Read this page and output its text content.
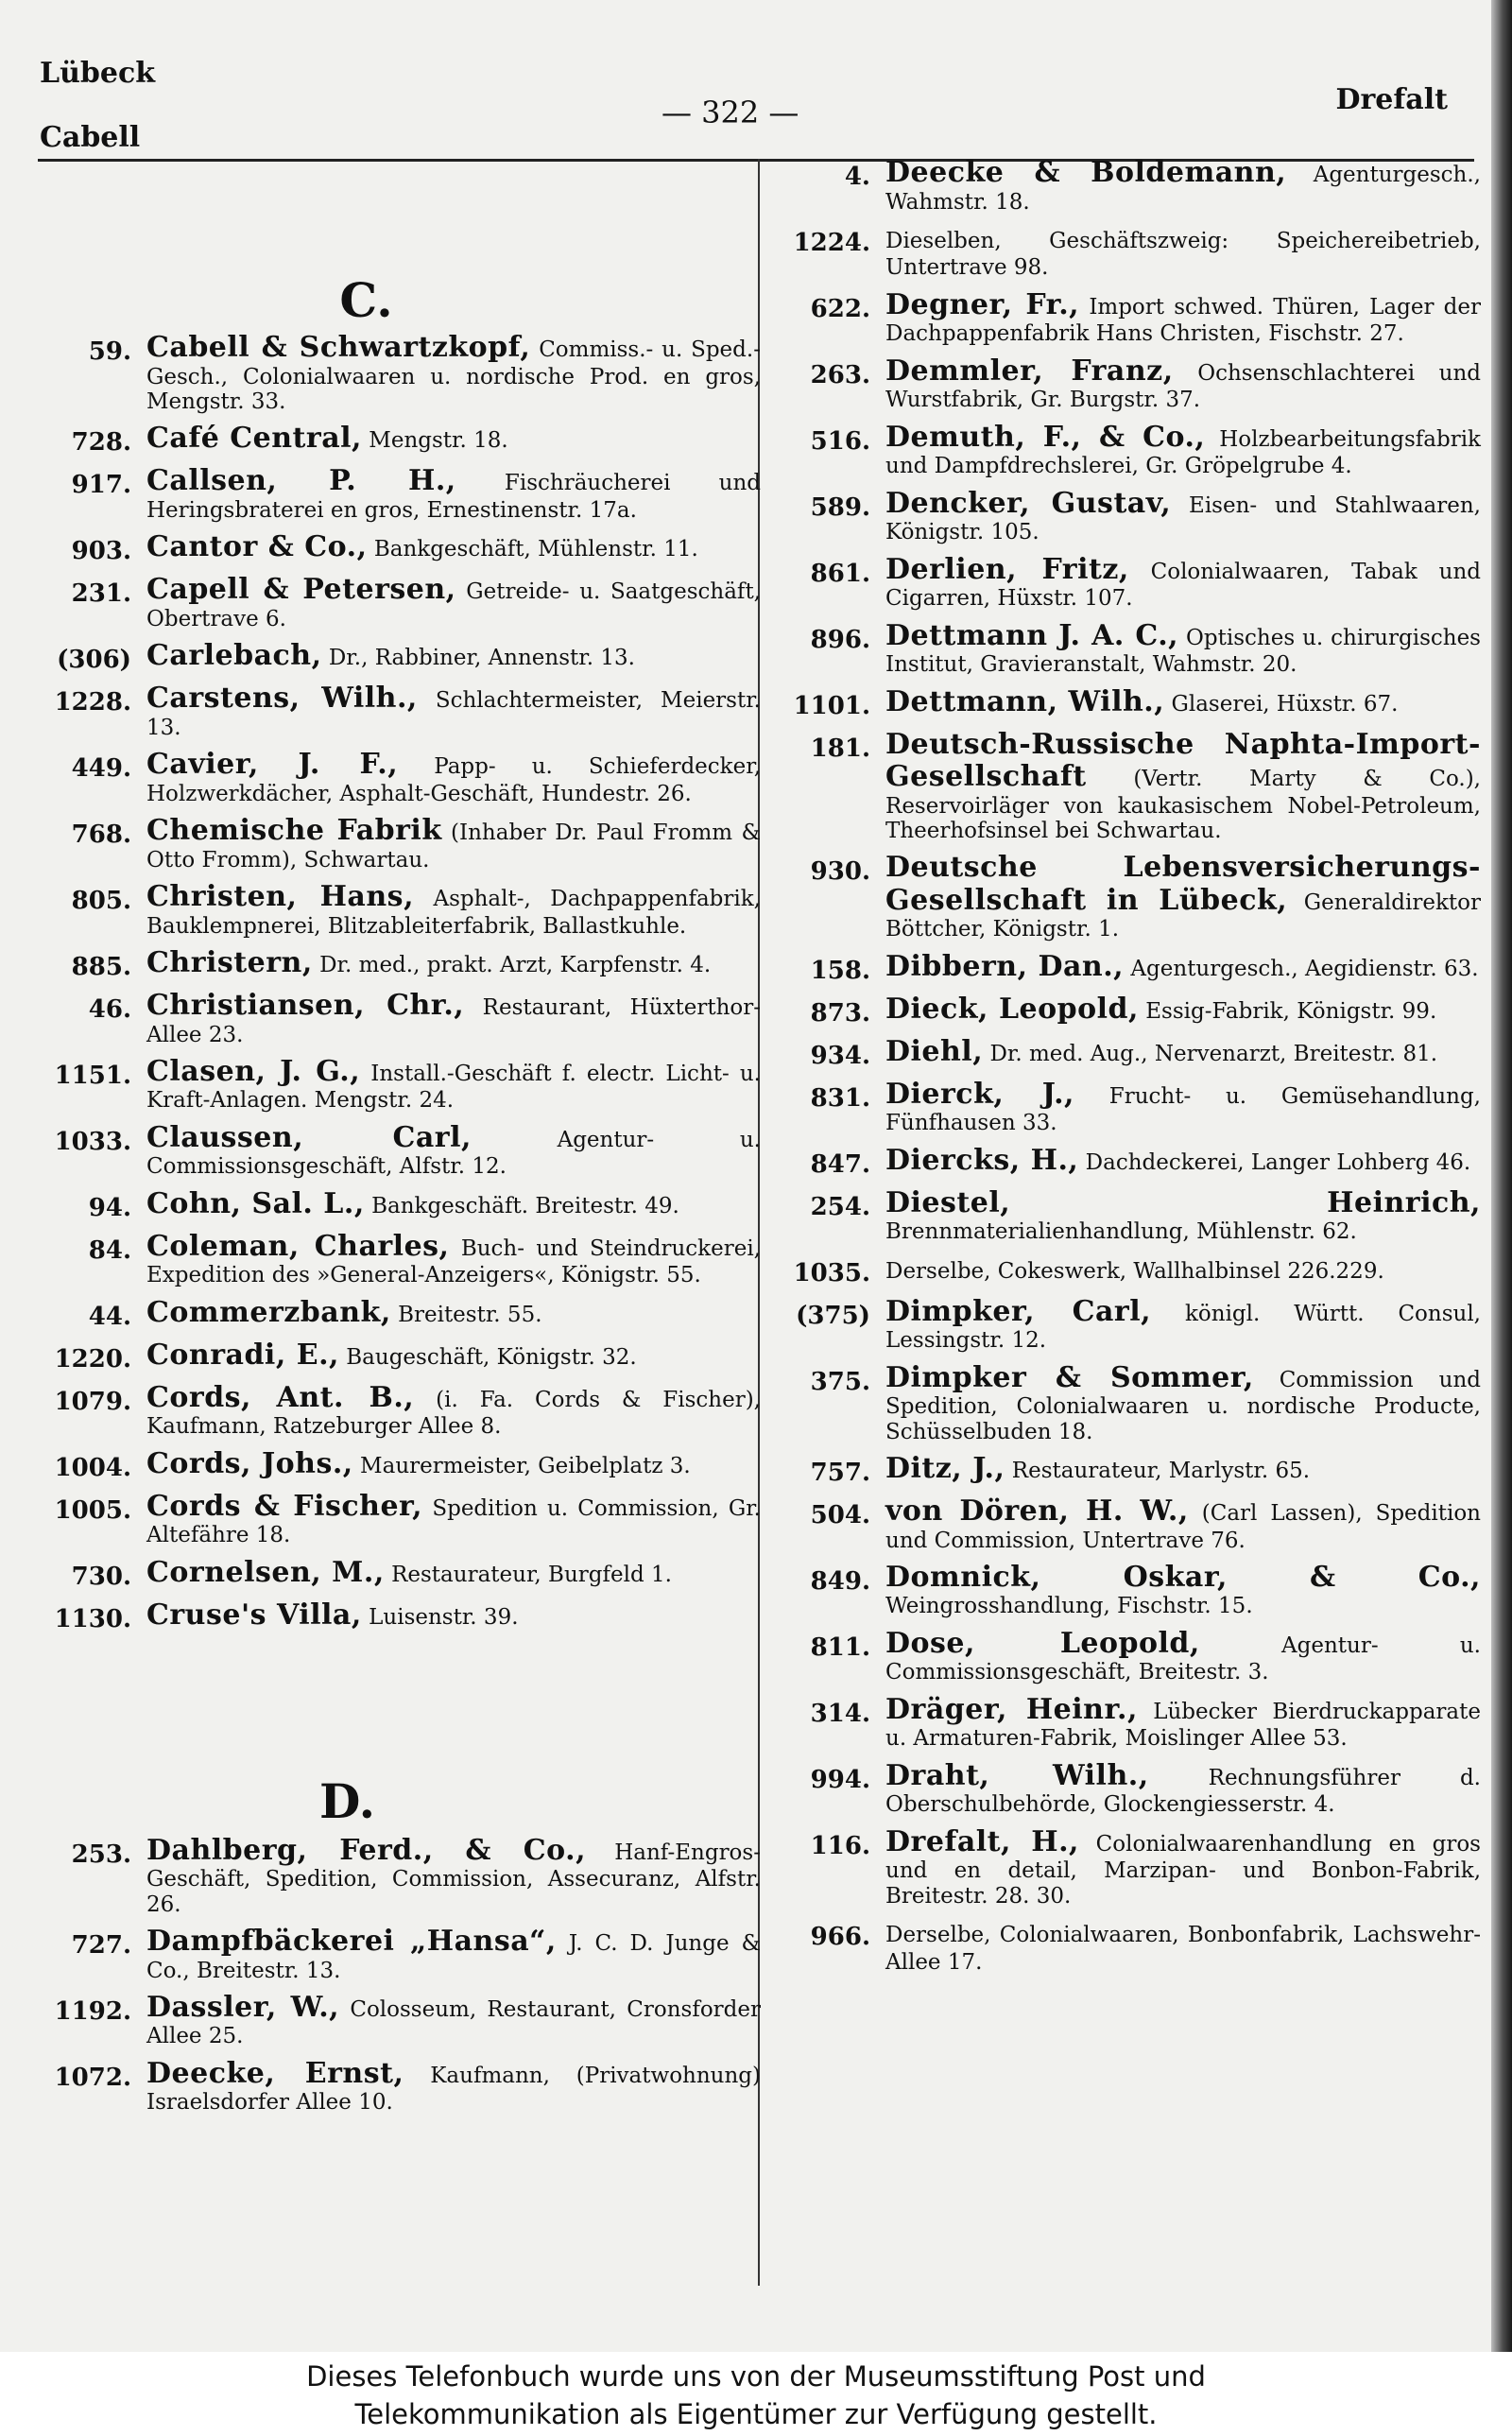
Lübeck
Cabell
— 322 —	Drefalt
C.
59. Cabell & Schwartzkopf, Commiss.- u. Sped.-Gesch., Colonialwaaren u. nordische Prod. en gros, Mengstr. 33.
728. Café Central, Mengstr. 18.
917. Callsen, P. H., Fischräucherei und Heringsbraterei en gros, Ernestinenstr. 17a.
903. Cantor & Co., Bankgeschäft, Mühlenstr. 11.
231. Capell & Petersen, Getreide- u. Saatgeschäft, Obertrave 6.
(306) Carlebach, Dr., Rabbiner, Annenstr. 13.
1228. Carstens, Wilh., Schlachtermeister, Meierstr. 13.
449. Cavier, J. F., Papp- u. Schieferdecker, Holzwerkdächer, Asphalt-Geschäft, Hundestr. 26.
768. Chemische Fabrik (Inhaber Dr. Paul Fromm & Otto Fromm), Schwartau.
805. Christen, Hans, Asphalt-, Dachpappenfabrik, Bauklempnerei, Blitzableiterfabrik, Ballastkuhle.
885. Christern, Dr. med., prakt. Arzt, Karpfenstr. 4.
46. Christiansen, Chr., Restaurant, Hüxterthor-Allee 23.
1151. Clasen, J. G., Install.-Geschäft f. electr. Licht- u. Kraft-Anlagen. Mengstr. 24.
1033. Claussen, Carl, Agentur- u. Commissionsgeschäft, Alfstr. 12.
94. Cohn, Sal. L., Bankgeschäft. Breitestr. 49.
84. Coleman, Charles, Buch- und Steindruckerei, Expedition des »General-Anzeigers«, Königstr. 55.
44. Commerzbank, Breitestr. 55.
1220. Conradi, E., Baugeschäft, Königstr. 32.
1079. Cords, Ant. B., (i. Fa. Cords & Fischer), Kaufmann, Ratzeburger Allee 8.
1004. Cords, Johs., Maurermeister, Geibelplatz 3.
1005. Cords & Fischer, Spedition u. Commission, Gr. Altefähre 18.
730. Cornelsen, M., Restaurateur, Burgfeld 1.
1130. Cruse's Villa, Luisenstr. 39.
D.
253. Dahlberg, Ferd., & Co., Hanf-Engros-Geschäft, Spedition, Commission, Assecuranz, Alfstr. 26.
727. Dampfbäckerei „Hansa“, J. C. D. Junge & Co., Breitestr. 13.
1192. Dassler, W., Colosseum, Restaurant, Cronsforder Allee 25.
1072. Deecke, Ernst, Kaufmann, (Privatwohnung) Israelsdorfer Allee 10.
4. Deecke & Boldemann, Agenturgesch., Wahmstr. 18.
1224. Dieselben, Geschäftszweig: Speichereibetrieb, Untertrave 98.
622. Degner, Fr., Import schwed. Thüren, Lager der Dachpappenfabrik Hans Christen, Fischstr. 27.
263. Demmler, Franz, Ochsenschlachterei und Wurstfabrik, Gr. Burgstr. 37.
516. Demuth, F., & Co., Holzbearbeitungsfabrik und Dampfdrechslerei, Gr. Gröpelgrube 4.
589. Dencker, Gustav, Eisen- und Stahlwaaren, Königstr. 105.
861. Derlien, Fritz, Colonialwaaren, Tabak und Cigarren, Hüxstr. 107.
896. Dettmann J. A. C., Optisches u. chirurgisches Institut, Gravieranstalt, Wahmstr. 20.
1101. Dettmann, Wilh., Glaserei, Hüxstr. 67.
181. Deutsch-Russische Naphta-Import-Gesellschaft (Vertr. Marty & Co.), Reservoirläger von kaukasischem Nobel-Petroleum, Theerhofsinsel bei Schwartau.
930. Deutsche Lebensversicherungs-Gesellschaft in Lübeck, Generaldirektor Böttcher, Königstr. 1.
158. Dibbern, Dan., Agenturgesch., Aegidienstr. 63.
873. Dieck, Leopold, Essig-Fabrik, Königstr. 99.
934. Diehl, Dr. med. Aug., Nervenarzt, Breitestr. 81.
831. Dierck, J., Frucht- u. Gemüsehandlung, Fünfhausen 33.
847. Diercks, H., Dachdeckerei, Langer Lohberg 46.
254. Diestel, Heinrich, Brennmaterialienhandlung, Mühlenstr. 62.
1035. Derselbe, Cokeswerk, Wallhalbinsel 226.229.
(375) Dimpker, Carl, königl. Württ. Consul, Lessingstr. 12.
375. Dimpker & Sommer, Commission und Spedition, Colonialwaaren u. nordische Producte, Schüsselbuden 18.
757. Ditz, J., Restaurateur, Marlystr. 65.
504. von Dören, H. W., (Carl Lassen), Spedition und Commission, Untertrave 76.
849. Domnick, Oskar, & Co., Weingrosshandlung, Fischstr. 15.
811. Dose, Leopold, Agentur- u. Commissionsgeschäft, Breitestr. 3.
314. Dräger, Heinr., Lübecker Bierdruckapparate u. Armaturen-Fabrik, Moislinger Allee 53.
994. Draht, Wilh., Rechnungsführer d. Oberschulbehörde, Glockengiesserstr. 4.
116. Drefalt, H., Colonialwaarenhandlung en gros und en detail, Marzipan- und Bonbon-Fabrik, Breitestr. 28. 30.
966. Derselbe, Colonialwaaren, Bonbonfabrik, Lachswehr-Allee 17.
Dieses Telefonbuch wurde uns von der Museumsstiftung Post und
Telekommunikation als Eigentümer zur Verfügung gestellt.
